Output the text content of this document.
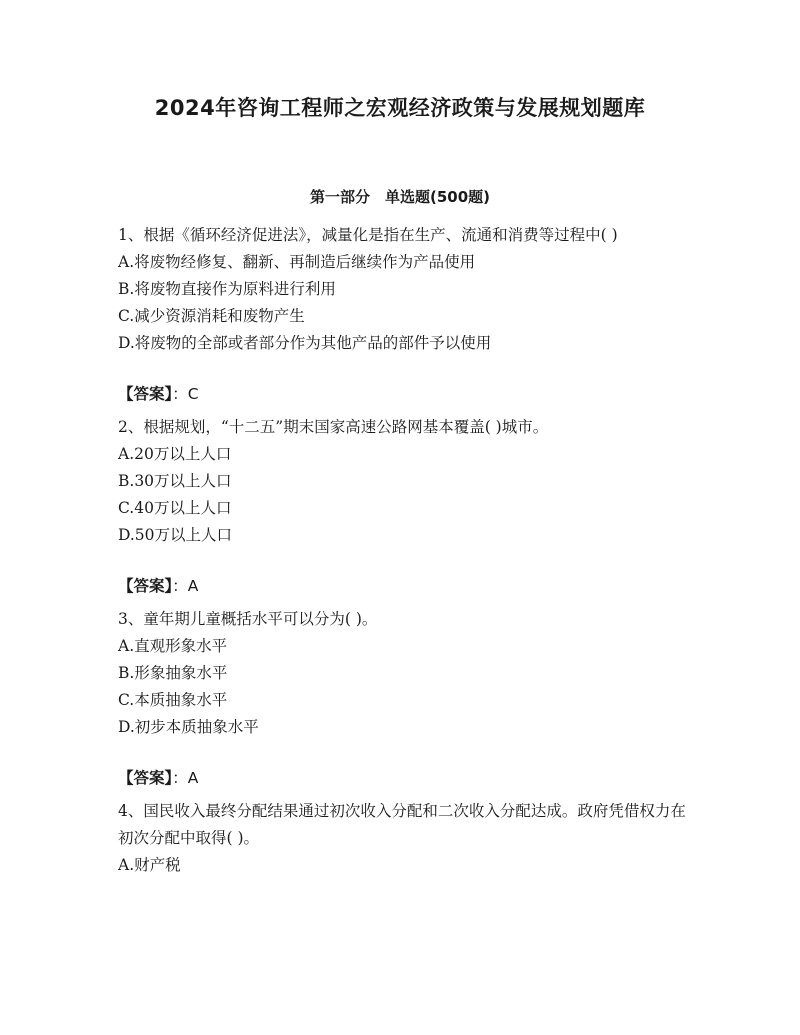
2024年咨询工程师之宏观经济政策与发展规划题库
第一部分　单选题(500题)

1、根据《循环经济促进法》，减量化是指在生产、流通和消费等过程中( )

A.将废物经修复、翻新、再制造后继续作为产品使用

B.将废物直接作为原料进行利用

C.减少资源消耗和废物产生

D.将废物的全部或者部分作为其他产品的部件予以使用

【答案】：C

2、根据规划，“十二五”期末国家高速公路网基本覆盖( )城市。

A.20万以上人口

B.30万以上人口

C.40万以上人口

D.50万以上人口

【答案】：A

3、童年期儿童概括水平可以分为( )。

A.直观形象水平

B.形象抽象水平

C.本质抽象水平

D.初步本质抽象水平

【答案】：A

4、国民收入最终分配结果通过初次收入分配和二次收入分配达成。政府凭借权力在 初次分配中取得( )。

A.财产税
